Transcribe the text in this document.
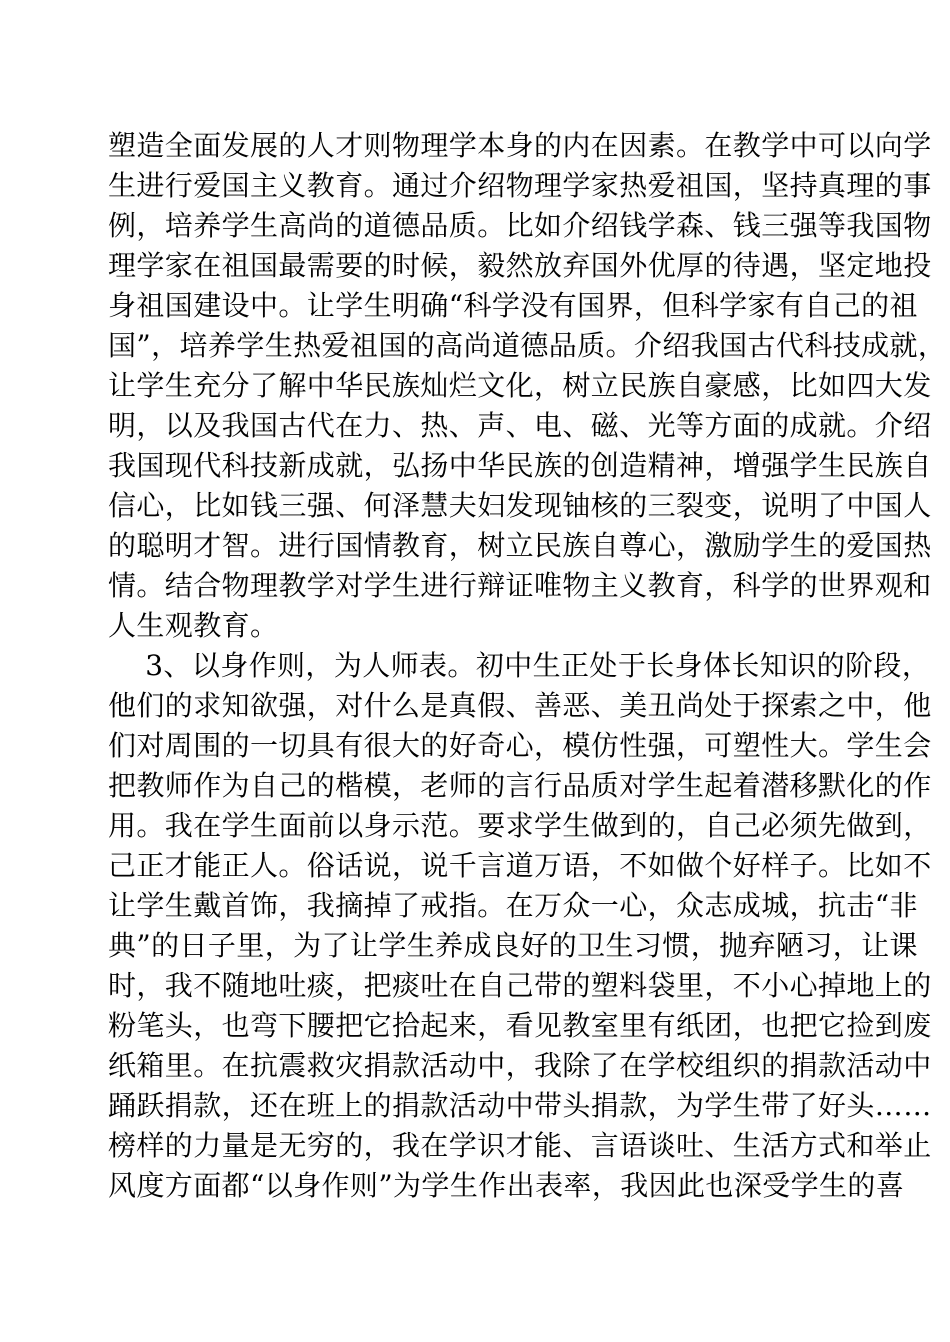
塑造全面发展的人才则物理学本身的内在因素。在教学中可以向学
生进行爱国主义教育。通过介绍物理学家热爱祖国，坚持真理的事
例，培养学生高尚的道德品质。比如介绍钱学森、钱三强等我国物
理学家在祖国最需要的时候，毅然放弃国外优厚的待遇，坚定地投
身祖国建设中。让学生明确“科学没有国界，但科学家有自己的祖
国”，培养学生热爱祖国的高尚道德品质。介绍我国古代科技成就，
让学生充分了解中华民族灿烂文化，树立民族自豪感，比如四大发
明，以及我国古代在力、热、声、电、磁、光等方面的成就。介绍
我国现代科技新成就，弘扬中华民族的创造精神，增强学生民族自
信心，比如钱三强、何泽慧夫妇发现铀核的三裂变，说明了中国人
的聪明才智。进行国情教育，树立民族自尊心，激励学生的爱国热
情。结合物理教学对学生进行辩证唯物主义教育，科学的世界观和
人生观教育。
3、以身作则，为人师表。初中生正处于长身体长知识的阶段，
他们的求知欲强，对什么是真假、善恶、美丑尚处于探索之中，他
们对周围的一切具有很大的好奇心，模仿性强，可塑性大。学生会
把教师作为自己的楷模，老师的言行品质对学生起着潜移默化的作
用。我在学生面前以身示范。要求学生做到的，自己必须先做到，
己正才能正人。俗话说，说千言道万语，不如做个好样子。比如不
让学生戴首饰，我摘掉了戒指。在万众一心，众志成城，抗击“非
典”的日子里，为了让学生养成良好的卫生习惯，抛弃陋习，让课
时，我不随地吐痰，把痰吐在自己带的塑料袋里，不小心掉地上的
粉笔头，也弯下腰把它拾起来，看见教室里有纸团，也把它捡到废
纸箱里。在抗震救灾捐款活动中，我除了在学校组织的捐款活动中
踊跃捐款，还在班上的捐款活动中带头捐款，为学生带了好头……
榜样的力量是无穷的，我在学识才能、言语谈吐、生活方式和举止
风度方面都“以身作则”为学生作出表率，我因此也深受学生的喜
